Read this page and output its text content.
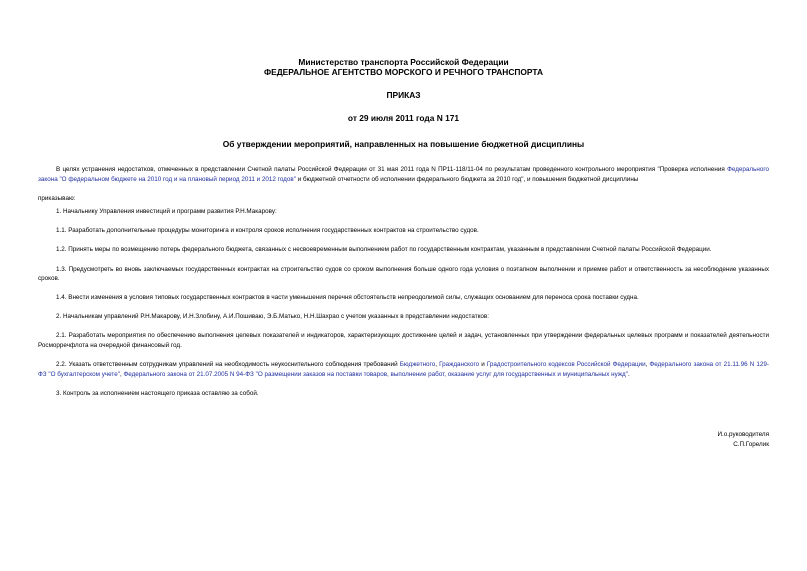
Министерство транспорта Российской Федерации
ФЕДЕРАЛЬНОЕ АГЕНТСТВО МОРСКОГО И РЕЧНОГО ТРАНСПОРТА
ПРИКАЗ
от 29 июля 2011 года N 171
Об утверждении мероприятий, направленных на повышение бюджетной дисциплины

В целях устранения недостатков, отмеченных в представлении Счетной палаты Российской Федерации от 31 мая 2011 года N ПР11-118/11-04 по результатам проведенного контрольного мероприятия "Проверка исполнения Федерального закона "О федеральном бюджете на 2010 год и на плановый период 2011 и 2012 годов" и бюджетной отчетности об исполнении федерального бюджета за 2010 год", и повышения бюджетной дисциплины

приказываю:

1. Начальнику Управления инвестиций и программ развития Р.Н.Макарову:

1.1. Разработать дополнительные процедуры мониторинга и контроля сроков исполнения государственных контрактов на строительство судов.

1.2. Принять меры по возмещению потерь федерального бюджета, связанных с несвоевременным выполнением работ по государственным контрактам, указанным в представлении Счетной палаты Российской Федерации.

1.3. Предусмотреть во вновь заключаемых государственных контрактах на строительство судов со сроком выполнения больше одного года условия о поэтапном выполнении и приемке работ и ответственность за несоблюдение указанных сроков.

1.4. Внести изменения в условия типовых государственных контрактов в части уменьшения перечня обстоятельств непреодолимой силы, служащих основанием для переноса срока поставки судна.

2. Начальникам управлений Р.Н.Макарову, И.Н.Злобину, А.И.Пошиваю, Э.Б.Матько, Н.Н.Шахрао с учетом указанных в представлении недостатков:

2.1. Разработать мероприятия по обеспечению выполнения целевых показателей и индикаторов, характеризующих достижение целей и задач, установленных при утверждении федеральных целевых программ и показателей деятельности Росморречфлота на очередной финансовый год.

2.2. Указать ответственным сотрудникам управлений на необходимость неукоснительного соблюдения требований Бюджетного, Гражданского и Градостроительного кодексов Российской Федерации, Федерального закона от 21.11.96 N 129-ФЗ "О бухгалтерском учете", Федерального закона от 21.07.2005 N 94-ФЗ "О размещении заказов на поставки товаров, выполнение работ, оказание услуг для государственных и муниципальных нужд".

3. Контроль за исполнением настоящего приказа оставляю за собой.

И.о.руководителя
С.П.Горелик
